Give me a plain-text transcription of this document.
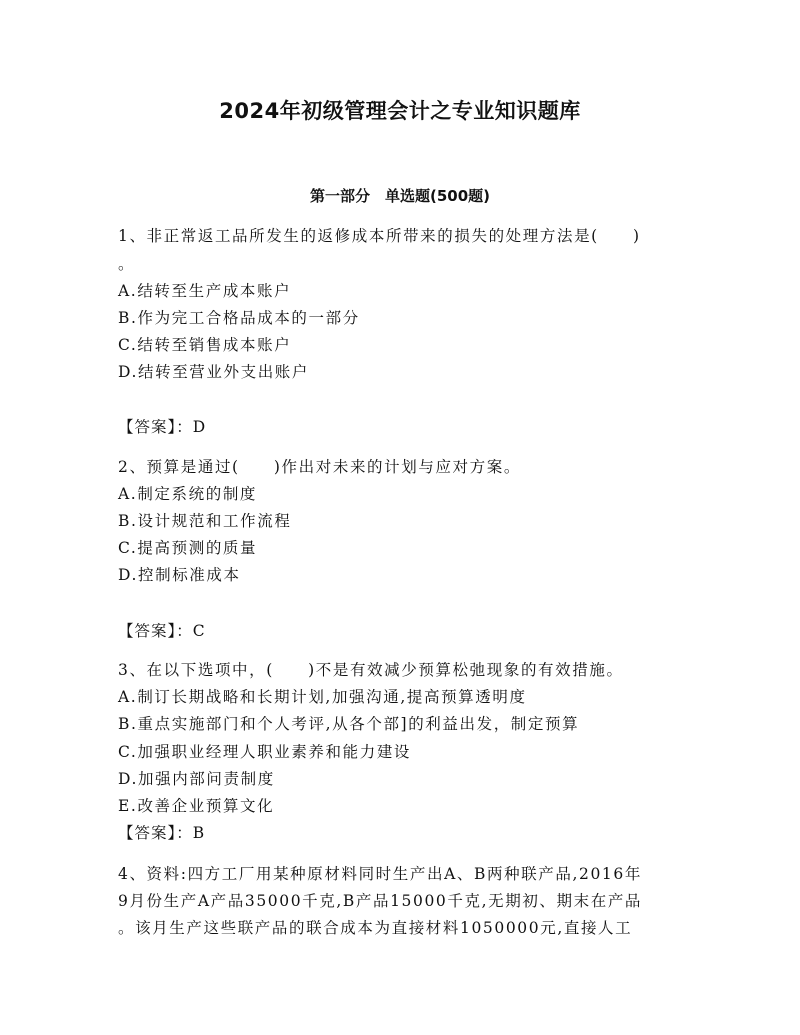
2024年初级管理会计之专业知识题库
第一部分　单选题(500题)
1、非正常返工品所发生的返修成本所带来的损失的处理方法是(　　)
。
A.结转至生产成本账户
B.作为完工合格品成本的一部分
C.结转至销售成本账户
D.结转至营业外支出账户
【答案】：D
2、预算是通过(　　)作出对未来的计划与应对方案。
A.制定系统的制度
B.设计规范和工作流程
C.提高预测的质量
D.控制标准成本
【答案】：C
3、在以下选项中，(　　)不是有效减少预算松弛现象的有效措施。
A.制订长期战略和长期计划,加强沟通,提高预算透明度
B.重点实施部门和个人考评,从各个部]的利益出发，制定预算
C.加强职业经理人职业素养和能力建设
D.加强内部问责制度
E.改善企业预算文化
【答案】：B
4、资料:四方工厂用某种原材料同时生产出A、B两种联产品,2016年
9月份生产A产品35000千克,B产品15000千克,无期初、期末在产品
。该月生产这些联产品的联合成本为直接材料1050000元,直接人工
